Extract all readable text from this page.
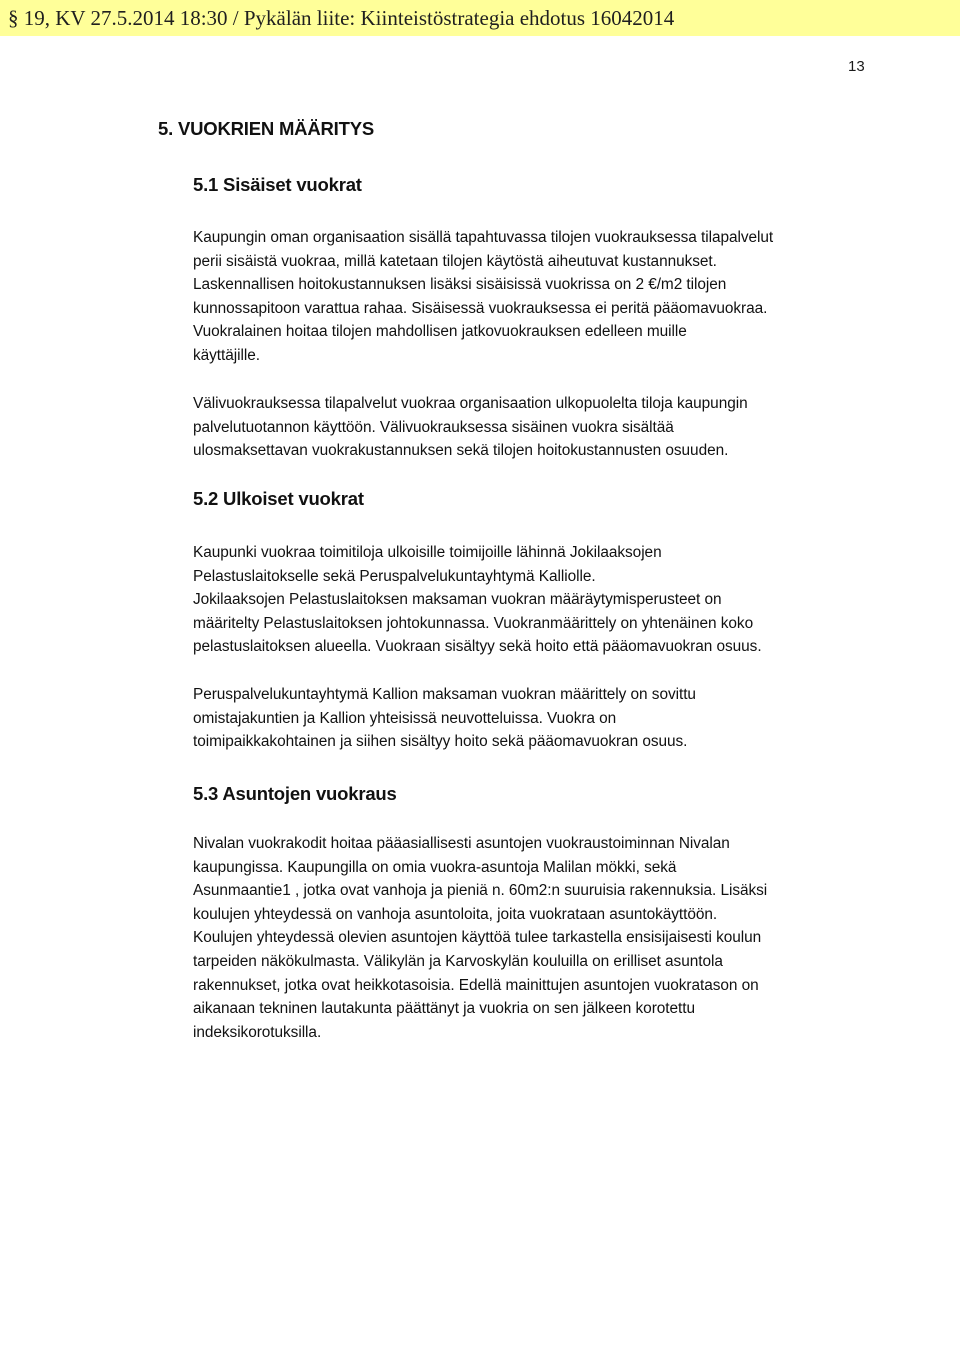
§ 19, KV 27.5.2014 18:30 / Pykälän liite: Kiinteistöstrategia ehdotus 16042014
13
5. VUOKRIEN MÄÄRITYS
5.1 Sisäiset vuokrat
Kaupungin oman organisaation sisällä tapahtuvassa tilojen vuokrauksessa tilapalvelut
perii sisäistä vuokraa, millä katetaan tilojen käytöstä aiheutuvat kustannukset.
Laskennallisen hoitokustannuksen lisäksi sisäisissä vuokrissa on 2 €/m2 tilojen
kunnossapitoon varattua rahaa. Sisäisessä vuokrauksessa ei peritä pääomavuokraa.
Vuokralainen hoitaa tilojen mahdollisen jatkovuokrauksen edelleen muille
käyttäjille.
Välivuokrauksessa tilapalvelut vuokraa organisaation ulkopuolelta tiloja kaupungin
palvelutuotannon käyttöön. Välivuokrauksessa sisäinen vuokra sisältää
ulosmaksettavan vuokrakustannuksen sekä tilojen hoitokustannusten osuuden.
5.2 Ulkoiset vuokrat
Kaupunki vuokraa toimitiloja ulkoisille toimijoille lähinnä Jokilaaksojen
Pelastuslaitokselle sekä Peruspalvelukuntayhtymä Kalliolle.
Jokilaaksojen Pelastuslaitoksen maksaman vuokran määräytymisperusteet on
määritelty Pelastuslaitoksen johtokunnassa. Vuokranmäärittely on yhtenäinen koko
pelastuslaitoksen alueella. Vuokraan sisältyy sekä hoito että pääomavuokran osuus.
Peruspalvelukuntayhtymä Kallion maksaman vuokran määrittely on sovittu
omistajakuntien ja Kallion yhteisissä neuvotteluissa. Vuokra on
toimipaikkakohtainen ja siihen sisältyy hoito sekä pääomavuokran osuus.
5.3 Asuntojen vuokraus
Nivalan vuokrakodit hoitaa pääasiallisesti asuntojen vuokraustoiminnan Nivalan
kaupungissa. Kaupungilla on omia vuokra-asuntoja Malilan mökki, sekä
Asunmaantie1 , jotka ovat vanhoja ja pieniä n. 60m2:n suuruisia rakennuksia. Lisäksi
koulujen yhteydessä on vanhoja asuntoloita, joita vuokrataan asuntokäyttöön.
Koulujen yhteydessä olevien asuntojen käyttöä tulee tarkastella ensisijaisesti koulun
tarpeiden näkökulmasta. Välikylän ja Karvoskylän kouluilla on erilliset asuntola
rakennukset, jotka ovat heikkotasoisia. Edellä mainittujen asuntojen vuokratason on
aikanaan tekninen lautakunta päättänyt ja vuokria on sen jälkeen korotettu
indeksikorotuksilla.
